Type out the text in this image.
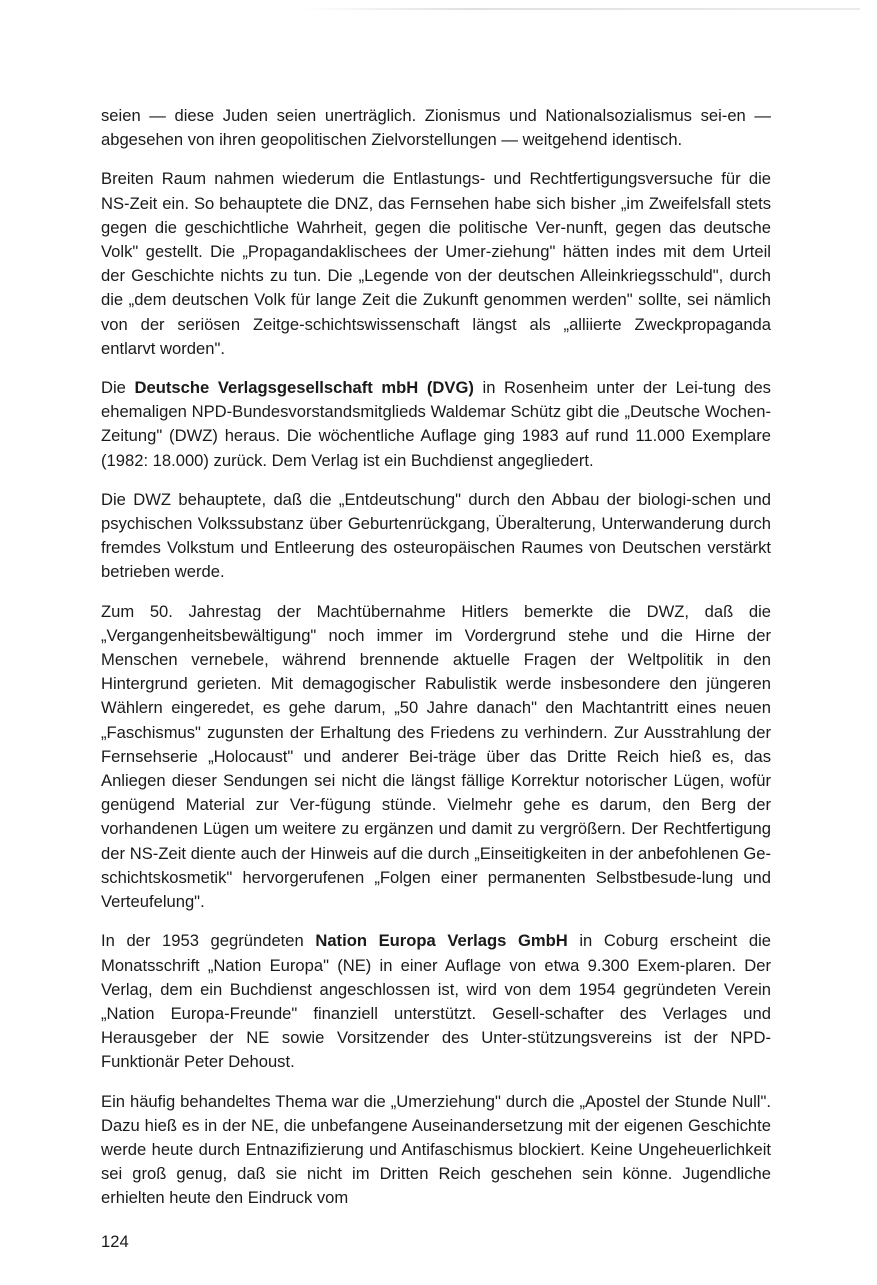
seien — diese Juden seien unerträglich. Zionismus und Nationalsozialismus sei-en — abgesehen von ihren geopolitischen Zielvorstellungen — weitgehend identisch.

Breiten Raum nahmen wiederum die Entlastungs- und Rechtfertigungsversuche für die NS-Zeit ein. So behauptete die DNZ, das Fernsehen habe sich bisher „im Zweifelsfall stets gegen die geschichtliche Wahrheit, gegen die politische Ver-nunft, gegen das deutsche Volk" gestellt. Die „Propagandaklischees der Umer-ziehung" hätten indes mit dem Urteil der Geschichte nichts zu tun. Die „Legende von der deutschen Alleinkriegsschuld", durch die „dem deutschen Volk für lange Zeit die Zukunft genommen werden" sollte, sei nämlich von der seriösen Zeitge-schichtswissenschaft längst als „alliierte Zweckpropaganda entlarvt worden".

Die Deutsche Verlagsgesellschaft mbH (DVG) in Rosenheim unter der Lei-tung des ehemaligen NPD-Bundesvorstandsmitglieds Waldemar Schütz gibt die „Deutsche Wochen-Zeitung" (DWZ) heraus. Die wöchentliche Auflage ging 1983 auf rund 11.000 Exemplare (1982: 18.000) zurück. Dem Verlag ist ein Buchdienst angegliedert.

Die DWZ behauptete, daß die „Entdeutschung" durch den Abbau der biologi-schen und psychischen Volkssubstanz über Geburtenrückgang, Überalterung, Unterwanderung durch fremdes Volkstum und Entleerung des osteuropäischen Raumes von Deutschen verstärkt betrieben werde.

Zum 50. Jahrestag der Machtübernahme Hitlers bemerkte die DWZ, daß die „Vergangenheitsbewältigung" noch immer im Vordergrund stehe und die Hirne der Menschen vernebele, während brennende aktuelle Fragen der Weltpolitik in den Hintergrund gerieten. Mit demagogischer Rabulistik werde insbesondere den jüngeren Wählern eingeredet, es gehe darum, „50 Jahre danach" den Machtantritt eines neuen „Faschismus" zugunsten der Erhaltung des Friedens zu verhindern. Zur Ausstrahlung der Fernsehserie „Holocaust" und anderer Bei-träge über das Dritte Reich hieß es, das Anliegen dieser Sendungen sei nicht die längst fällige Korrektur notorischer Lügen, wofür genügend Material zur Ver-fügung stünde. Vielmehr gehe es darum, den Berg der vorhandenen Lügen um weitere zu ergänzen und damit zu vergrößern. Der Rechtfertigung der NS-Zeit diente auch der Hinweis auf die durch „Einseitigkeiten in der anbefohlenen Ge-schichtskosmetik" hervorgerufenen „Folgen einer permanenten Selbstbesude-lung und Verteufelung".

In der 1953 gegründeten Nation Europa Verlags GmbH in Coburg erscheint die Monatsschrift „Nation Europa" (NE) in einer Auflage von etwa 9.300 Exem-plaren. Der Verlag, dem ein Buchdienst angeschlossen ist, wird von dem 1954 gegründeten Verein „Nation Europa-Freunde" finanziell unterstützt. Gesell-schafter des Verlages und Herausgeber der NE sowie Vorsitzender des Unter-stützungsvereins ist der NPD-Funktionär Peter Dehoust.

Ein häufig behandeltes Thema war die „Umerziehung" durch die „Apostel der Stunde Null". Dazu hieß es in der NE, die unbefangene Auseinandersetzung mit der eigenen Geschichte werde heute durch Entnazifizierung und Antifaschismus blockiert. Keine Ungeheuerlichkeit sei groß genug, daß sie nicht im Dritten Reich geschehen sein könne. Jugendliche erhielten heute den Eindruck vom

124
